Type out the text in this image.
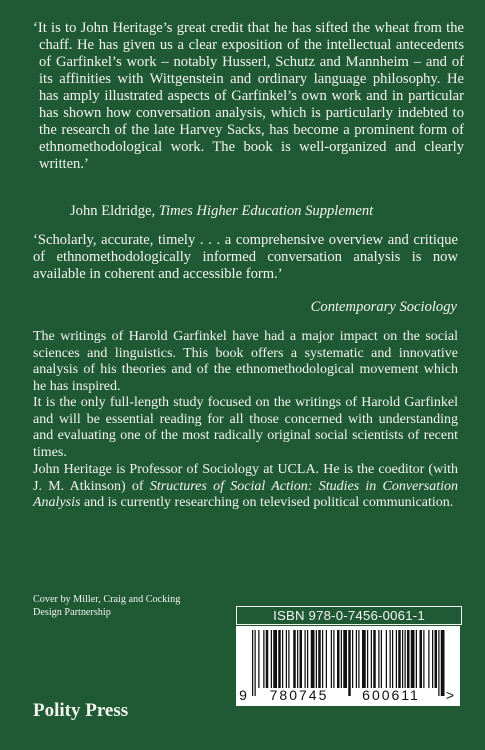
‘It is to John Heritage’s great credit that he has sifted the wheat from the chaff. He has given us a clear exposition of the intellectual antecedents of Garfinkel’s work – notably Husserl, Schutz and Mannheim – and of its affinities with Wittgenstein and ordinary language philosophy. He has amply illustrated aspects of Garfinkel’s own work and in particular has shown how conversation analysis, which is particularly indebted to the research of the late Harvey Sacks, has become a prominent form of ethnomethodological work. The book is well-organized and clearly written.’
John Eldridge, Times Higher Education Supplement
‘Scholarly, accurate, timely . . . a comprehensive overview and critique of ethnomethodologically informed conversation analysis is now available in coherent and accessible form.’
Contemporary Sociology
The writings of Harold Garfinkel have had a major impact on the social sciences and linguistics. This book offers a systematic and innovative analysis of his theories and of the ethnomethodological movement which he has inspired.
It is the only full-length study focused on the writings of Harold Garfinkel and will be essential reading for all those concerned with understanding and evaluating one of the most radically original social scientists of recent times.
John Heritage is Professor of Sociology at UCLA. He is the coeditor (with J. M. Atkinson) of Structures of Social Action: Studies in Conversation Analysis and is currently researching on televised political communication.
Cover by Miller, Craig and Cocking
Design Partnership	ISBN 978-0-7456-0061-1
9 780745 600611 >
Polity Press
